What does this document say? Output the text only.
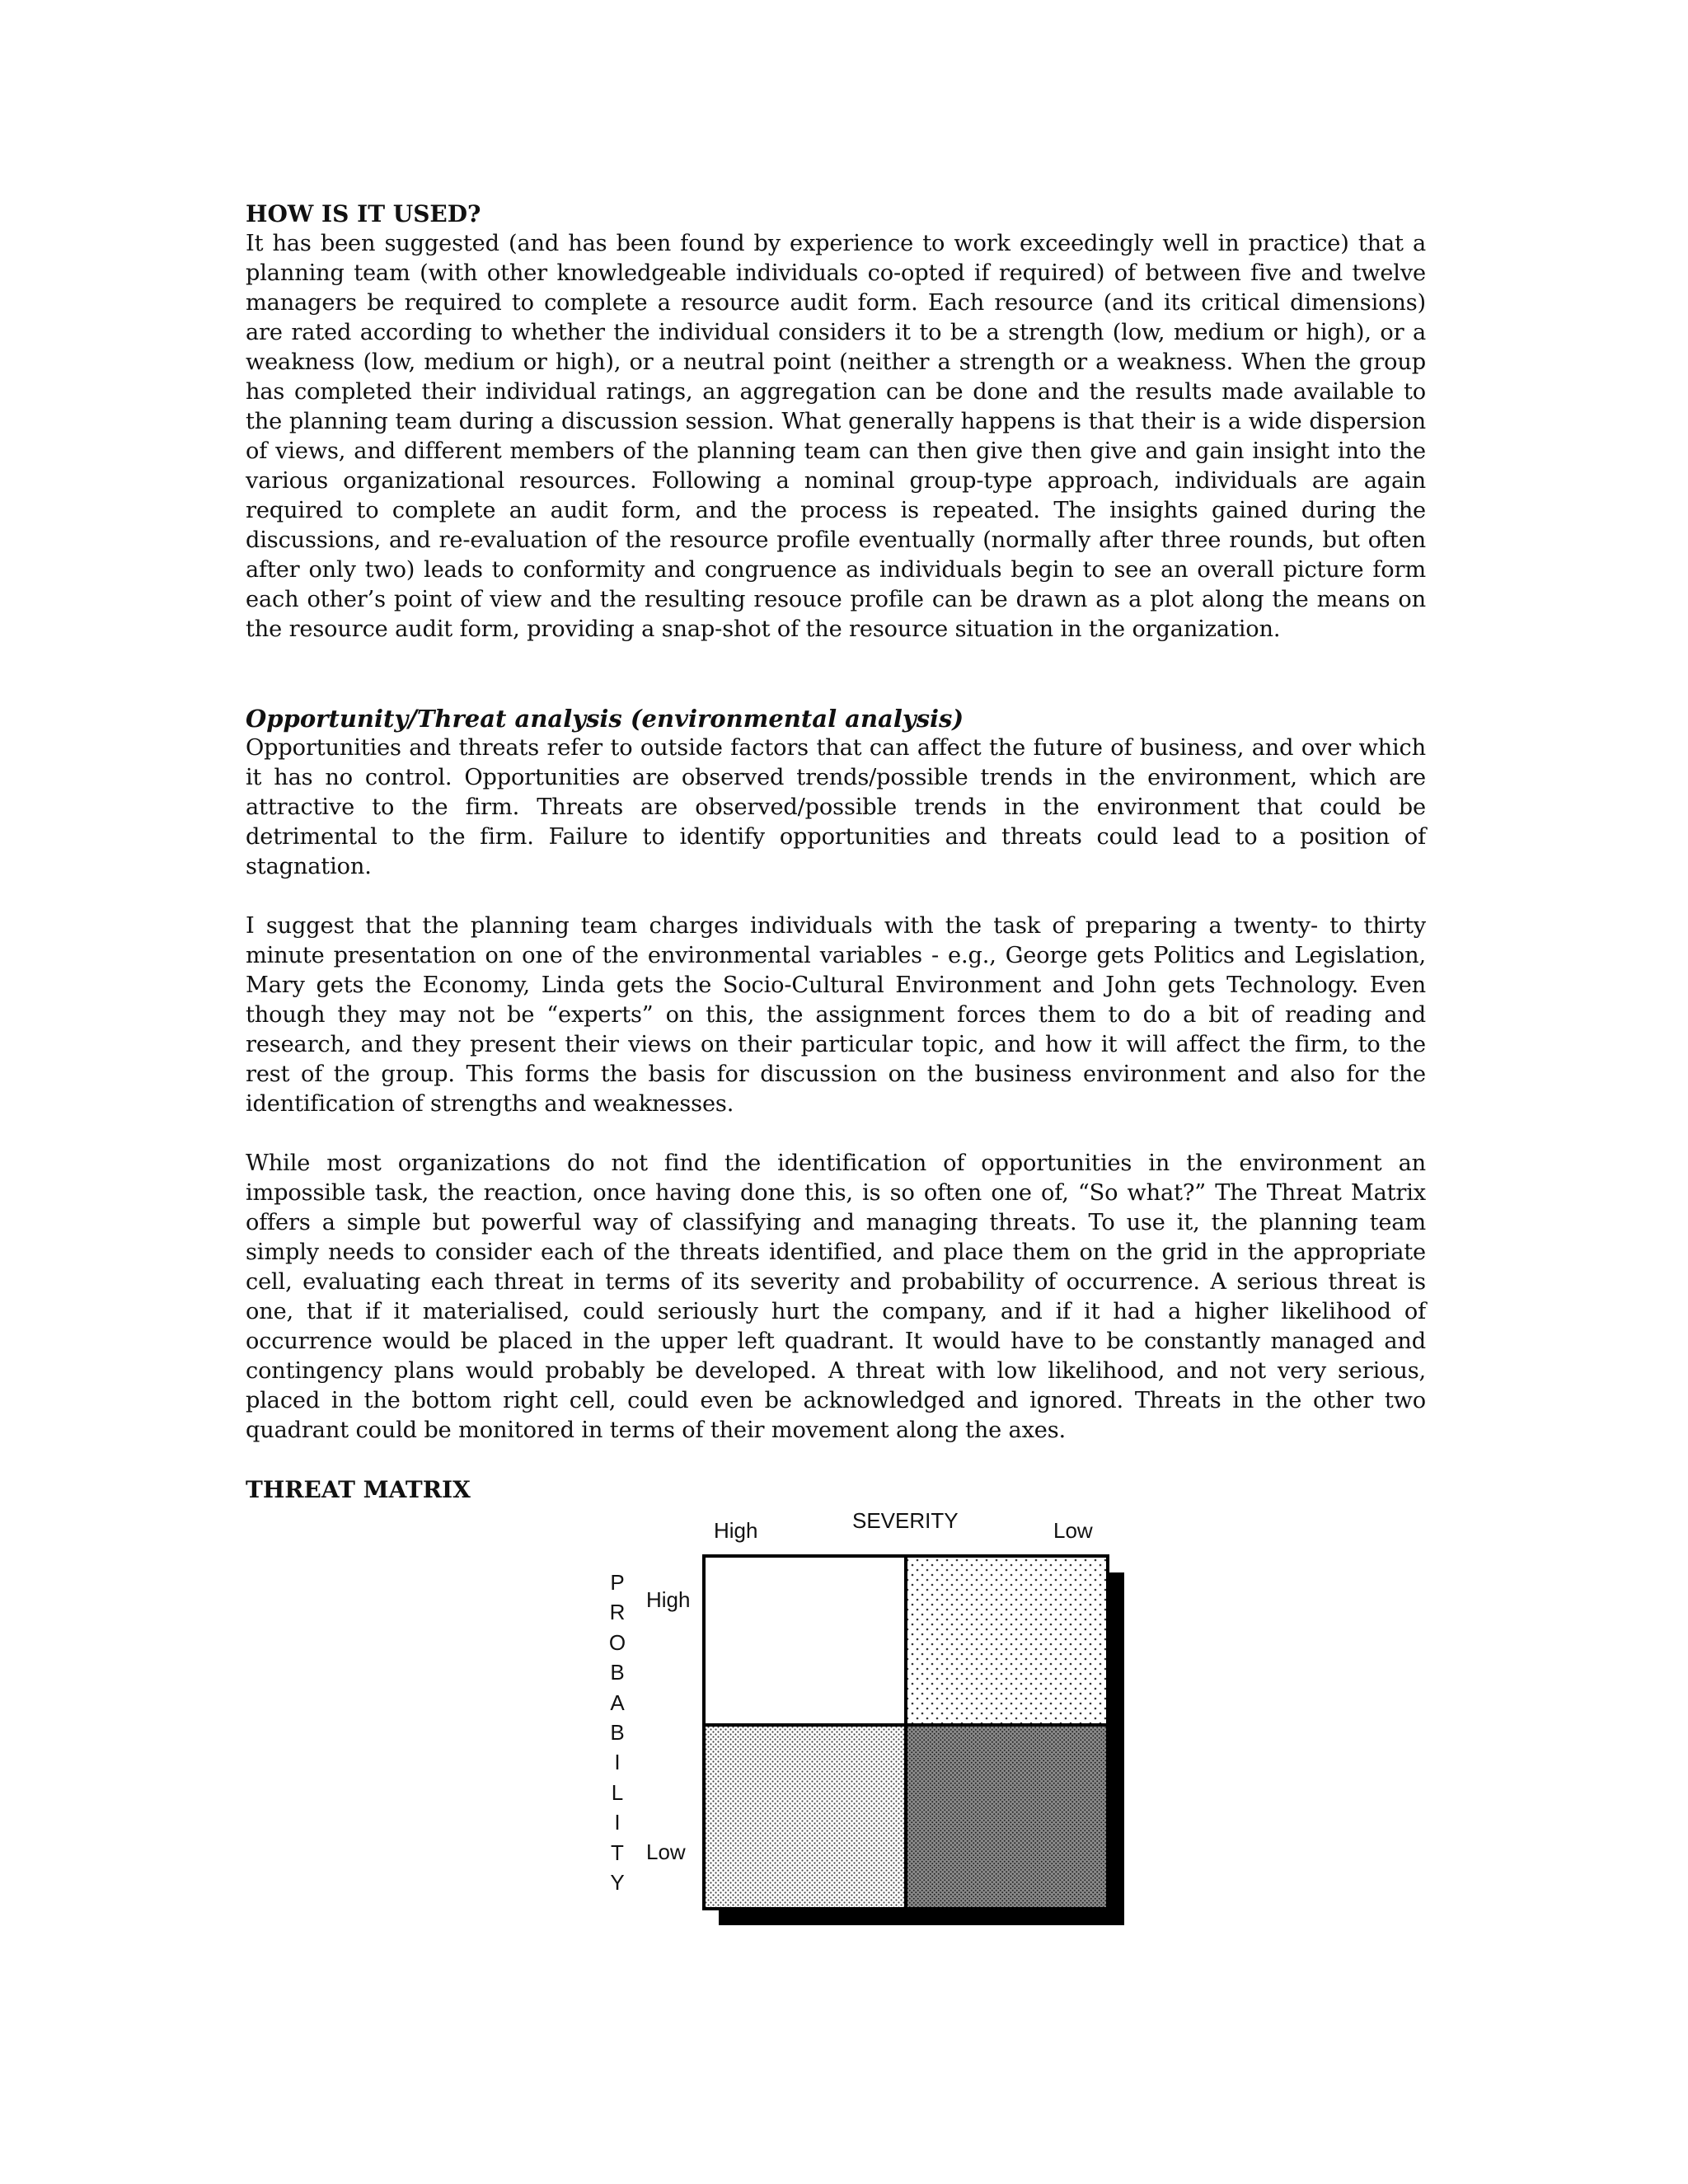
HOW IS IT USED?

It has been suggested (and has been found by experience to work exceedingly well in practice) that a planning team (with other knowledgeable individuals co-opted if required) of between five and twelve managers be required to complete a resource audit form. Each resource (and its critical dimensions) are rated according to whether the individual considers it to be a strength (low, medium or high), or a weakness (low, medium or high), or a neutral point (neither a strength or a weakness. When the group has completed their individual ratings, an aggregation can be done and the results made available to the planning team during a discussion session. What generally happens is that their is a wide dispersion of views, and different members of the planning team can then give then give and gain insight into the various organizational resources. Following a nominal group-type approach, individuals are again required to complete an audit form, and the process is repeated. The insights gained during the discussions, and re-evaluation of the resource profile eventually (normally after three rounds, but often after only two) leads to conformity and congruence as individuals begin to see an overall picture form each other’s point of view and the resulting resouce profile can be drawn as a plot along the means on the resource audit form, providing a snap-shot of the resource situation in the organization.

Opportunity/Threat analysis (environmental analysis)

Opportunities and threats refer to outside factors that can affect the future of business, and over which it has no control. Opportunities are observed trends/possible trends in the environment, which are attractive to the firm. Threats are observed/possible trends in the environment that could be detrimental to the firm. Failure to identify opportunities and threats could lead to a position of stagnation.

I suggest that the planning team charges individuals with the task of preparing a twenty- to thirty minute presentation on one of the environmental variables - e.g., George gets Politics and Legislation, Mary gets the Economy, Linda gets the Socio-Cultural Environment and John gets Technology. Even though they may not be “experts” on this, the assignment forces them to do a bit of reading and research, and they present their views on their particular topic, and how it will affect the firm, to the rest of the group. This forms the basis for discussion on the business environment and also for the identification of strengths and weaknesses.

While most organizations do not find the identification of opportunities in the environment an impossible task, the reaction, once having done this, is so often one of, “So what?” The Threat Matrix offers a simple but powerful way of classifying and managing threats. To use it, the planning team simply needs to consider each of the threats identified, and place them on the grid in the appropriate cell, evaluating each threat in terms of its severity and probability of occurrence. A serious threat is one, that if it materialised, could seriously hurt the company, and if it had a higher likelihood of occurrence would be placed in the upper left quadrant. It would have to be constantly managed and contingency plans would probably be developed. A threat with low likelihood, and not very serious, placed in the bottom right cell, could even be acknowledged and ignored. Threats in the other two quadrant could be monitored in terms of their movement along the axes.

THREAT MATRIX
High	SEVERITY	Low
High
Low
P
R
O
B
A
B
I
L
I
T
Y
